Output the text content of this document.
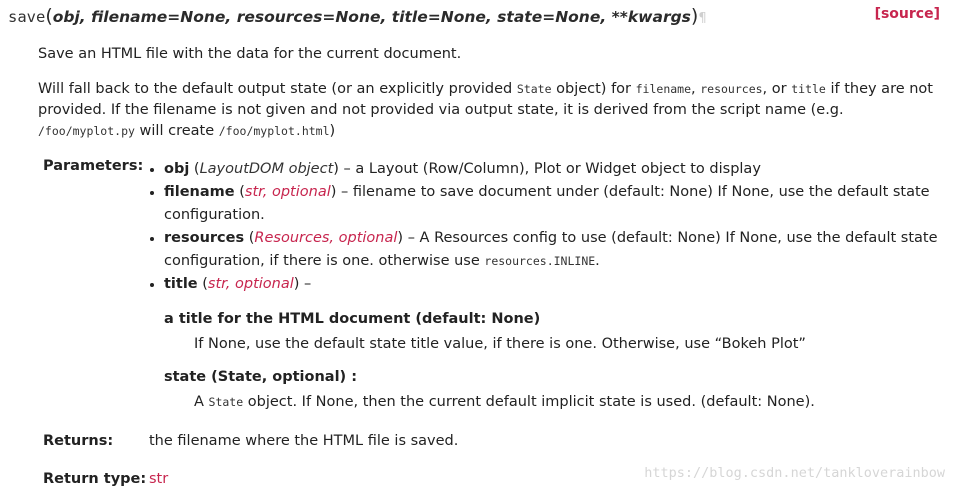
save(obj, filename=None, resources=None, title=None, state=None, **kwargs)¶	[source]
Save an HTML file with the data for the current document.
Will fall back to the default output state (or an explicitly provided State object) for filename, resources, or title if they are not provided. If the filename is not given and not provided via output state, it is derived from the script name (e.g. /foo/myplot.py will create /foo/myplot.html)
Parameters:
• obj (LayoutDOM object) – a Layout (Row/Column), Plot or Widget object to display
• filename (str, optional) – filename to save document under (default: None) If None, use the default state configuration.
• resources (Resources, optional) – A Resources config to use (default: None) If None, use the default state configuration, if there is one. otherwise use resources.INLINE.
• title (str, optional) –
a title for the HTML document (default: None)
If None, use the default state title value, if there is one. Otherwise, use “Bokeh Plot”
state (State, optional) :
A State object. If None, then the current default implicit state is used. (default: None).
Returns: the filename where the HTML file is saved.
Return type: str	https://blog.csdn.net/tankloverainbow
